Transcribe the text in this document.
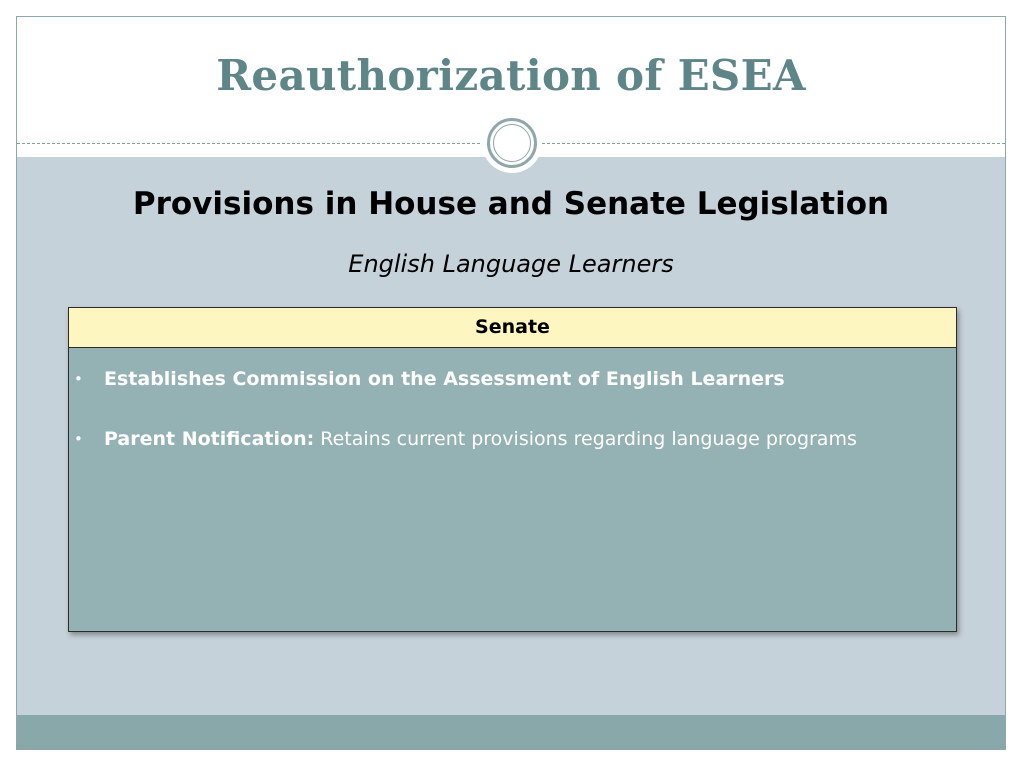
Reauthorization of ESEA
Provisions in House and Senate Legislation
English Language Learners
Senate
• Establishes Commission on the Assessment of English Learners
• Parent Notification: Retains current provisions regarding language programs
